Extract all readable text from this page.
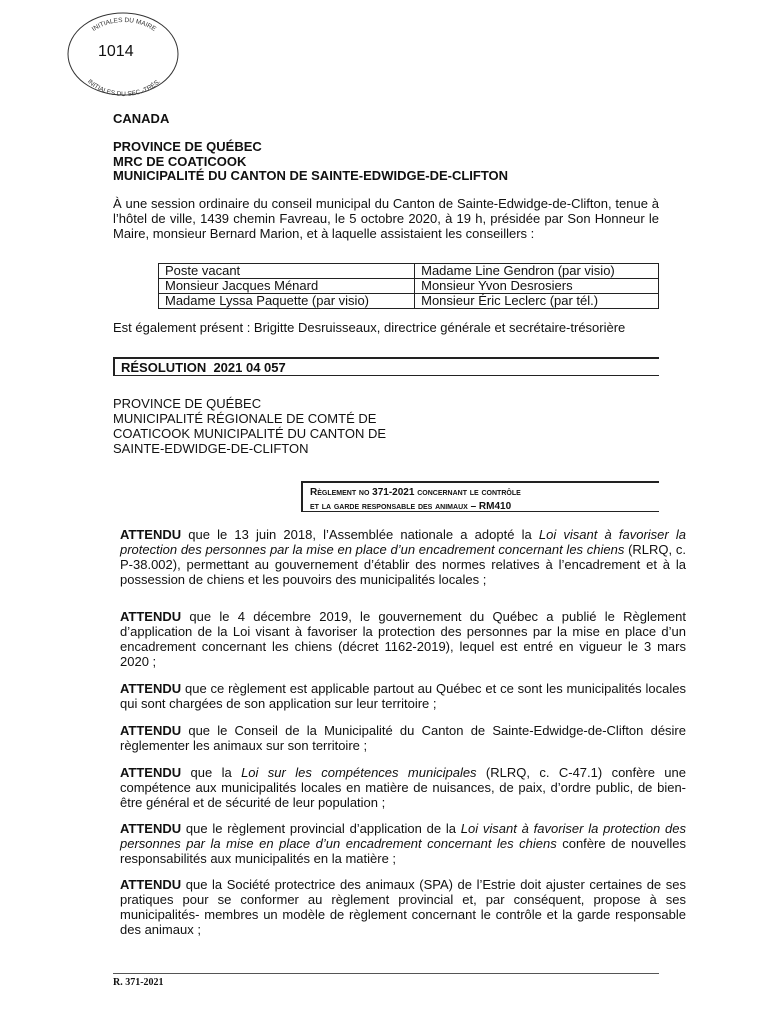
INITIALES DU MAIRE
INITIALES DU SEC.-TRÉS.
1014
CANADA
PROVINCE DE QUÉBEC
MRC DE COATICOOK
MUNICIPALITÉ DU CANTON DE SAINTE-EDWIDGE-DE-CLIFTON
À une session ordinaire du conseil municipal du Canton de Sainte-Edwidge-de-Clifton, tenue à l’hôtel de ville, 1439 chemin Favreau, le 5 octobre 2020, à 19 h, présidée par Son Honneur le Maire, monsieur Bernard Marion, et à laquelle assistaient les conseillers :
Poste vacant	Madame Line Gendron (par visio)
Monsieur Jacques Ménard	Monsieur Yvon Desrosiers
Madame Lyssa Paquette (par visio)	Monsieur Éric Leclerc (par tél.)
Est également présent : Brigitte Desruisseaux, directrice générale et secrétaire-trésorière
RÉSOLUTION  2021 04 057
PROVINCE DE QUÉBEC
MUNICIPALITÉ RÉGIONALE DE COMTÉ DE
COATICOOK MUNICIPALITÉ DU CANTON DE
SAINTE-EDWIDGE-DE-CLIFTON
Règlement no 371-2021 concernant le contrôle
et la garde responsable des animaux – RM410
ATTENDU que le 13 juin 2018, l’Assemblée nationale a adopté la Loi visant à favoriser la protection des personnes par la mise en place d’un encadrement concernant les chiens (RLRQ, c. P-38.002), permettant au gouvernement d’établir des normes relatives à l’encadrement et à la possession de chiens et les pouvoirs des municipalités locales ;
ATTENDU que le 4 décembre 2019, le gouvernement du Québec a publié le Règlement d’application de la Loi visant à favoriser la protection des personnes par la mise en place d’un encadrement concernant les chiens (décret 1162-2019), lequel est entré en vigueur le 3 mars 2020 ;
ATTENDU que ce règlement est applicable partout au Québec et ce sont les municipalités locales qui sont chargées de son application sur leur territoire ;
ATTENDU que le Conseil de la Municipalité du Canton de Sainte-Edwidge-de-Clifton désire règlementer les animaux sur son territoire ;
ATTENDU que la Loi sur les compétences municipales (RLRQ, c. C-47.1) confère une compétence aux municipalités locales en matière de nuisances, de paix, d’ordre public, de bien-être général et de sécurité de leur population ;
ATTENDU que le règlement provincial d’application de la Loi visant à favoriser la protection des personnes par la mise en place d’un encadrement concernant les chiens confère de nouvelles responsabilités aux municipalités en la matière ;
ATTENDU que la Société protectrice des animaux (SPA) de l’Estrie doit ajuster certaines de ses pratiques pour se conformer au règlement provincial et, par conséquent, propose à ses municipalités- membres un modèle de règlement concernant le contrôle et la garde responsable des animaux ;
R. 371-2021
